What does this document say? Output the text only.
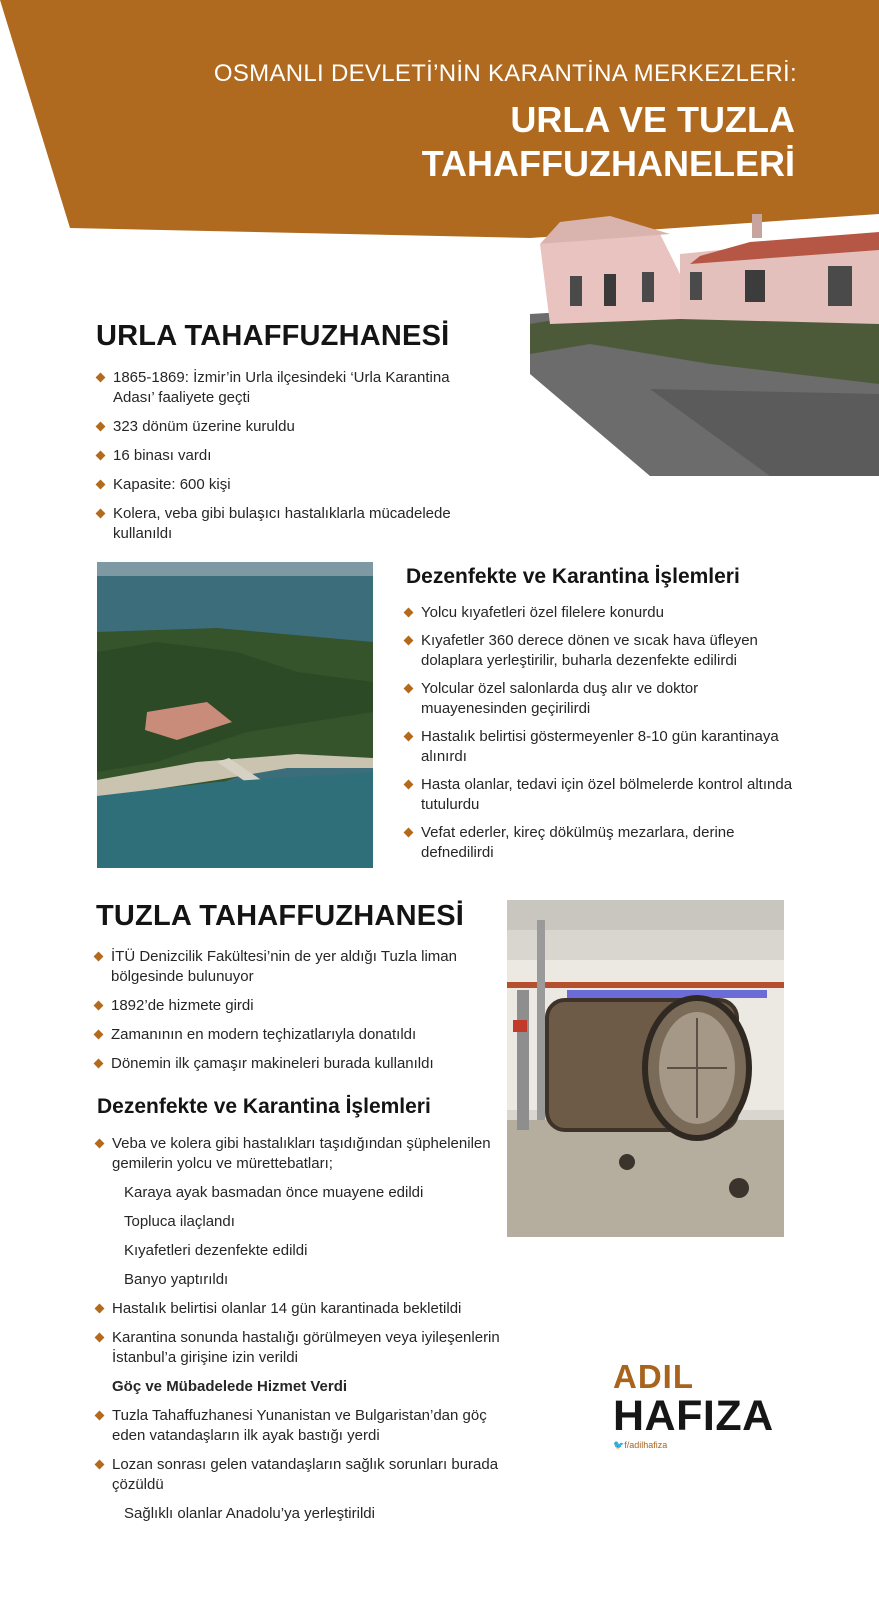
OSMANLI DEVLETİ’NİN KARANTİNA MERKEZLERİ:
URLA VE TUZLA
TAHAFFUZHANELERİ
URLA TAHAFFUZHANESİ
1865-1869: İzmir’in Urla ilçesindeki ‘Urla Karantina Adası’ faaliyete geçti
323 dönüm üzerine kuruldu
16 binası vardı
Kapasite: 600 kişi
Kolera, veba gibi bulaşıcı hastalıklarla mücadelede kullanıldı
Dezenfekte ve Karantina İşlemleri
Yolcu kıyafetleri özel filelere konurdu
Kıyafetler 360 derece dönen ve sıcak hava üfleyen dolaplara yerleştirilir, buharla dezenfekte edilirdi
Yolcular özel salonlarda duş alır ve doktor muayenesinden geçirilirdi
Hastalık belirtisi göstermeyenler 8-10 gün karantinaya alınırdı
Hasta olanlar, tedavi için özel bölmelerde kontrol altında tutulurdu
Vefat ederler, kireç dökülmüş mezarlara, derine defnedilirdi
TUZLA TAHAFFUZHANESİ
İTÜ Denizcilik Fakültesi’nin de yer aldığı Tuzla liman bölgesinde bulunuyor
1892’de hizmete girdi
Zamanının en modern teçhizatlarıyla donatıldı
Dönemin ilk çamaşır makineleri burada kullanıldı
Dezenfekte ve Karantina İşlemleri
Veba ve kolera gibi hastalıkları taşıdığından şüphelenilen gemilerin yolcu ve mürettebatları;
Karaya ayak basmadan önce muayene edildi
Topluca ilaçlandı
Kıyafetleri dezenfekte edildi
Banyo yaptırıldı
Hastalık belirtisi olanlar 14 gün karantinada bekletildi
Karantina sonunda hastalığı görülmeyen veya iyileşenlerin İstanbul’a girişine izin verildi
Göç ve Mübadelede Hizmet Verdi
Tuzla Tahaffuzhanesi Yunanistan ve Bulgaristan’dan göç eden vatandaşların ilk ayak bastığı yerdi
Lozan sonrası gelen vatandaşların sağlık sorunları burada çözüldü
Sağlıklı olanlar Anadolu’ya yerleştirildi
ADIL
HAFIZA
🐦f/adilhafiza
